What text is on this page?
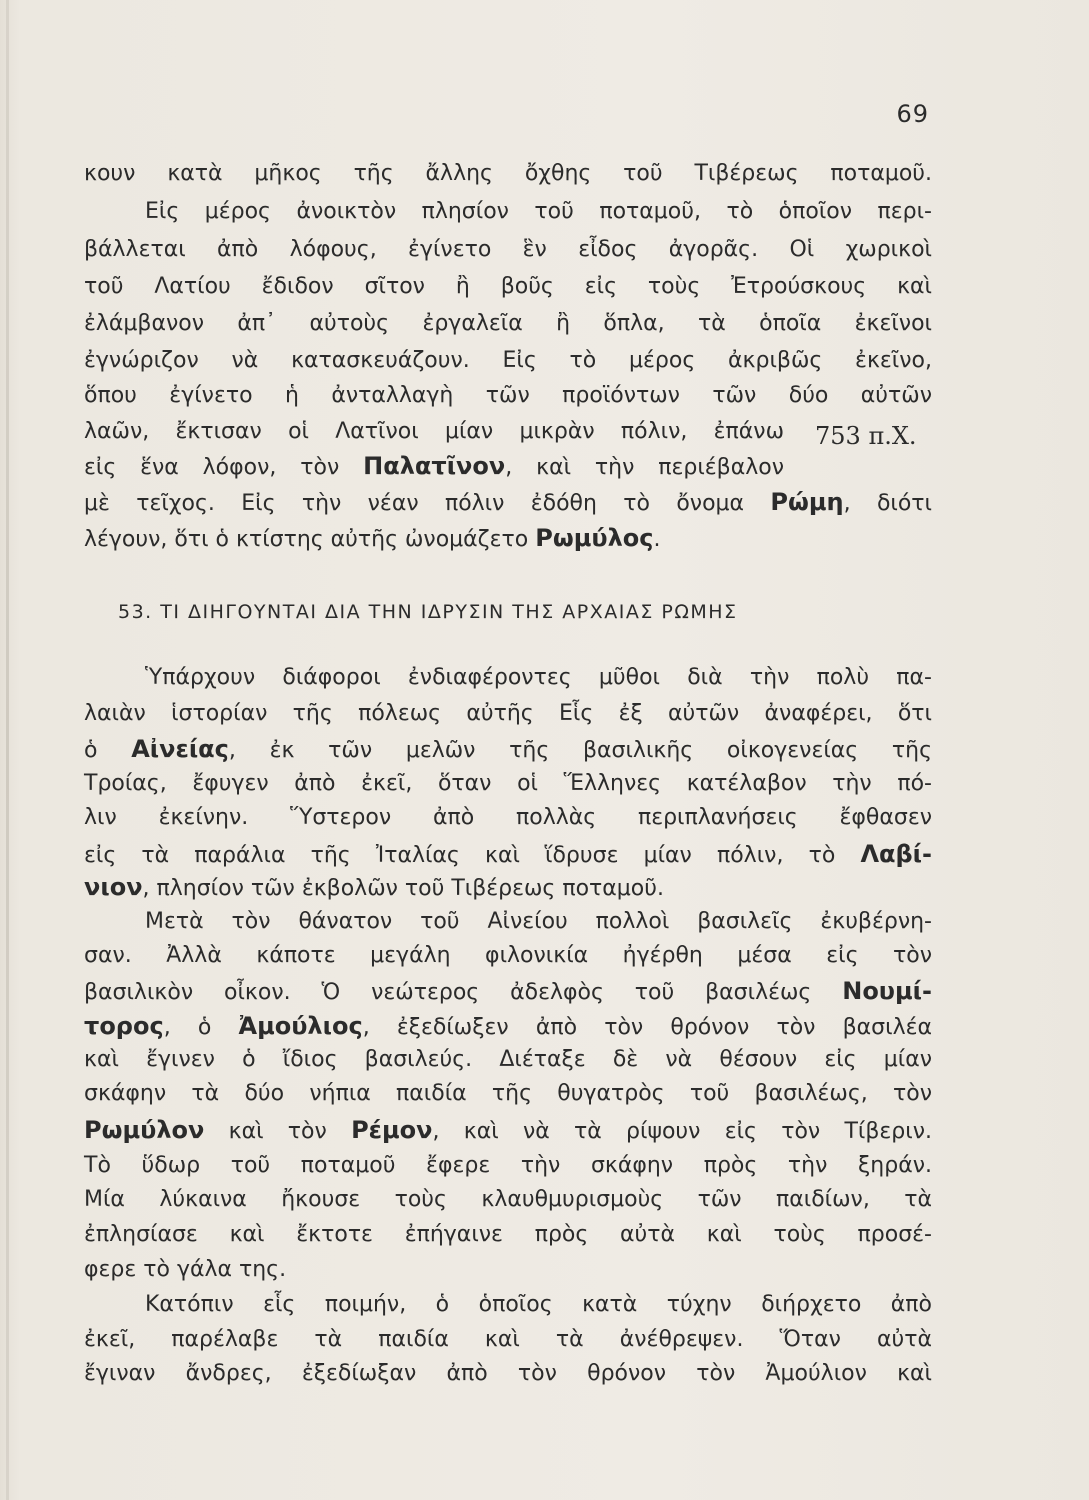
69
κουν κατὰ μῆκος τῆς ἄλλης ὄχθης τοῦ Τιβέρεως ποταμοῦ.
Εἰς μέρος ἀνοικτὸν πλησίον τοῦ ποταμοῦ, τὸ ὁποῖον περι-
βάλλεται ἀπὸ λόφους, ἐγίνετο ἓν εἶδος ἀγορᾶς. Οἱ χωρικοὶ
τοῦ Λατίου ἔδιδον σῖτον ἢ βοῦς εἰς τοὺς Ἐτρούσκους καὶ
ἐλάμβανον ἀπ᾽ αὐτοὺς ἐργαλεῖα ἢ ὅπλα, τὰ ὁποῖα ἐκεῖνοι
ἐγνώριζον νὰ κατασκευάζουν. Εἰς τὸ μέρος ἀκριβῶς ἐκεῖνο,
ὅπου ἐγίνετο ἡ ἀνταλλαγὴ τῶν προϊόντων τῶν δύο αὐτῶν
λαῶν, ἔκτισαν οἱ Λατῖνοι μίαν μικρὰν πόλιν, ἐπάνω
εἰς ἕνα λόφον, τὸν Παλατῖνον, καὶ τὴν περιέβαλον
μὲ τεῖχος. Εἰς τὴν νέαν πόλιν ἐδόθη τὸ ὄνομα Ρώμη, διότι
λέγουν, ὅτι ὁ κτίστης αὐτῆς ὠνομάζετο Ρωμύλος.
753 π.Χ.
53. ΤΙ ΔΙΗΓΟΥΝΤΑΙ ΔΙΑ ΤΗΝ ΙΔΡΥΣΙΝ ΤΗΣ ΑΡΧΑΙΑΣ ΡΩΜΗΣ
Ὑπάρχουν διάφοροι ἐνδιαφέροντες μῦθοι διὰ τὴν πολὺ πα-
λαιὰν ἱστορίαν τῆς πόλεως αὐτῆς Εἷς ἐξ αὐτῶν ἀναφέρει, ὅτι
ὁ Αἰνείας, ἐκ τῶν μελῶν τῆς βασιλικῆς οἰκογενείας τῆς
Τροίας, ἔφυγεν ἀπὸ ἐκεῖ, ὅταν οἱ Ἕλληνες κατέλαβον τὴν πό-
λιν ἐκείνην. Ὕστερον ἀπὸ πολλὰς περιπλανήσεις ἔφθασεν
εἰς τὰ παράλια τῆς Ἰταλίας καὶ ἵδρυσε μίαν πόλιν, τὸ Λαβί-
νιον, πλησίον τῶν ἐκβολῶν τοῦ Τιβέρεως ποταμοῦ.
Μετὰ τὸν θάνατον τοῦ Αἰνείου πολλοὶ βασιλεῖς ἐκυβέρνη-
σαν. Ἀλλὰ κάποτε μεγάλη φιλονικία ἠγέρθη μέσα εἰς τὸν
βασιλικὸν οἶκον. Ὁ νεώτερος ἀδελφὸς τοῦ βασιλέως Νουμί-
τορος, ὁ Ἀμούλιος, ἐξεδίωξεν ἀπὸ τὸν θρόνον τὸν βασιλέα
καὶ ἔγινεν ὁ ἴδιος βασιλεύς. Διέταξε δὲ νὰ θέσουν εἰς μίαν
σκάφην τὰ δύο νήπια παιδία τῆς θυγατρὸς τοῦ βασιλέως, τὸν
Ρωμύλον καὶ τὸν Ρέμον, καὶ νὰ τὰ ρίψουν εἰς τὸν Τίβεριν.
Τὸ ὕδωρ τοῦ ποταμοῦ ἔφερε τὴν σκάφην πρὸς τὴν ξηράν.
Μία λύκαινα ἤκουσε τοὺς κλαυθμυρισμοὺς τῶν παιδίων, τὰ
ἐπλησίασε καὶ ἔκτοτε ἐπήγαινε πρὸς αὐτὰ καὶ τοὺς προσέ-
φερε τὸ γάλα της.
Κατόπιν εἷς ποιμήν, ὁ ὁποῖος κατὰ τύχην διήρχετο ἀπὸ
ἐκεῖ, παρέλαβε τὰ παιδία καὶ τὰ ἀνέθρεψεν. Ὅταν αὐτὰ
ἔγιναν ἄνδρες, ἐξεδίωξαν ἀπὸ τὸν θρόνον τὸν Ἀμούλιον καὶ
